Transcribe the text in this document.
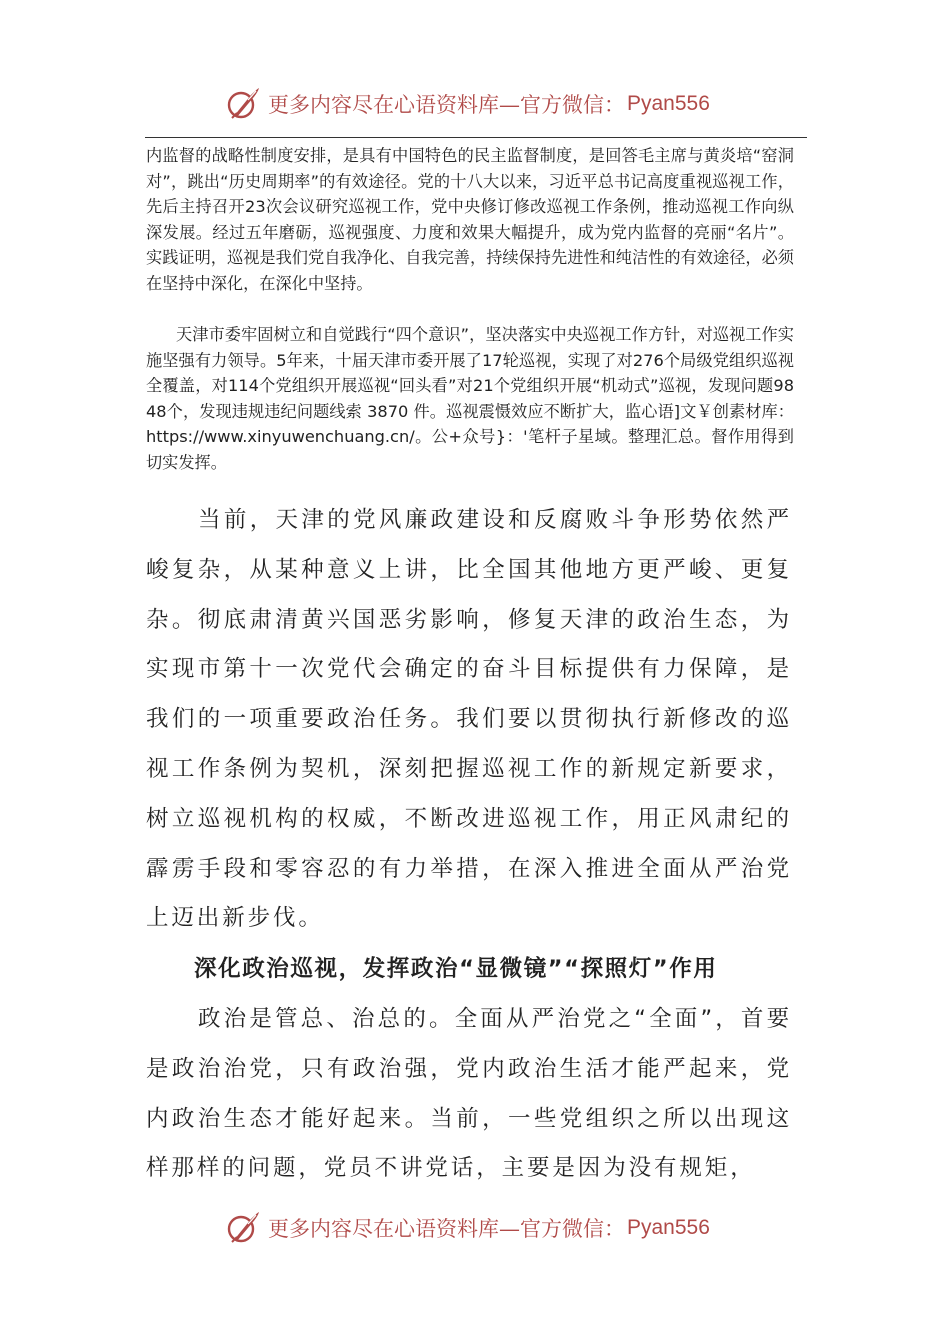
更多内容尽在心语资料库—官方微信： Pyan556

内监督的战略性制度安排，是具有中国特色的民主监督制度，是回答毛主席与黄炎培“窑洞对”，跳出“历史周期率”的有效途径。党的十八大以来，习近平总书记高度重视巡视工作，先后主持召开23次会议研究巡视工作，党中央修订修改巡视工作条例，推动巡视工作向纵深发展。经过五年磨砺，巡视强度、力度和效果大幅提升，成为党内监督的亮丽“名片”。实践证明，巡视是我们党自我净化、自我完善，持续保持先进性和纯洁性的有效途径，必须在坚持中深化，在深化中坚持。

天津市委牢固树立和自觉践行“四个意识”，坚决落实中央巡视工作方针，对巡视工作实施坚强有力领导。5年来，十届天津市委开展了17轮巡视，实现了对276个局级党组织巡视全覆盖，对114个党组织开展巡视“回头看”对21个党组织开展“机动式”巡视，发现问题9848个，发现违规违纪问题线索 3870 件。巡视震慑效应不断扩大，监心语]文￥创素材库：https://www.xinyuwenchuang.cn/。公+众号}：'笔杆子星域。整理汇总。督作用得到切实发挥。

当前，天津的党风廉政建设和反腐败斗争形势依然严峻复杂，从某种意义上讲，比全国其他地方更严峻、更复杂。彻底肃清黄兴国恶劣影响，修复天津的政治生态，为实现市第十一次党代会确定的奋斗目标提供有力保障，是我们的一项重要政治任务。我们要以贯彻执行新修改的巡视工作条例为契机，深刻把握巡视工作的新规定新要求，树立巡视机构的权威，不断改进巡视工作，用正风肃纪的霹雳手段和零容忍的有力举措，在深入推进全面从严治党上迈出新步伐。

深化政治巡视，发挥政治“显微镜”“探照灯”作用

政治是管总、治总的。全面从严治党之“全面”，首要是政治治党，只有政治强，党内政治生活才能严起来，党内政治生态才能好起来。当前，一些党组织之所以出现这样那样的问题，党员不讲党话，主要是因为没有规矩，

更多内容尽在心语资料库—官方微信： Pyan556
